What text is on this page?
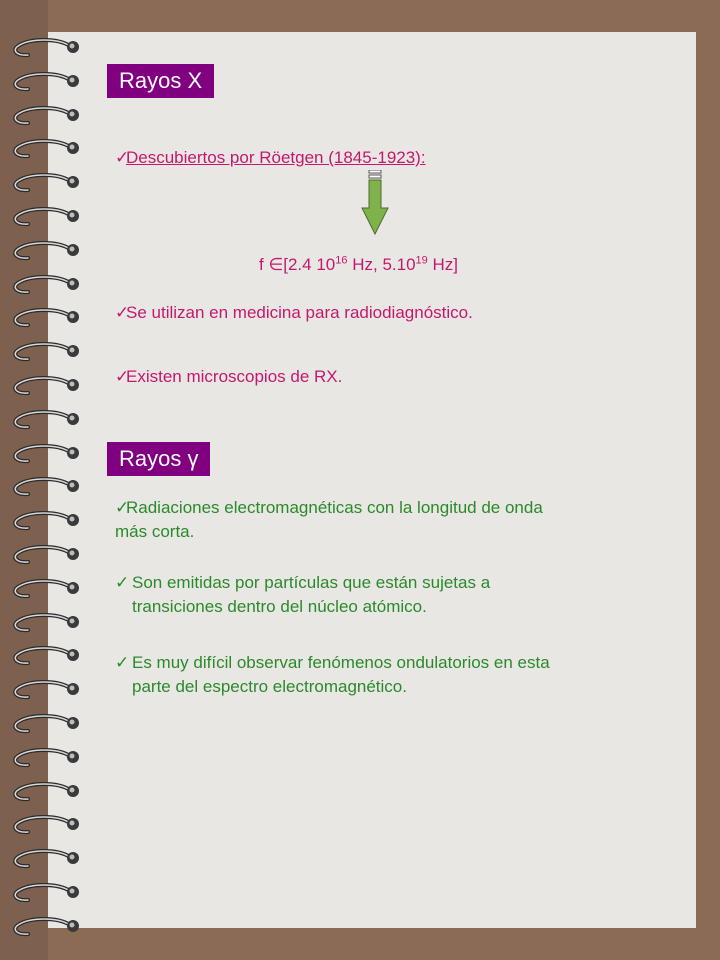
Rayos X
✓
Descubiertos por Röetgen (1845-1923):
f ∈[2.4 $10^{16}$ Hz, 5.10$^{19}$ Hz]
✓
Se utilizan en medicina para radiodiagnóstico.
✓
Existen microscopios de RX.
Rayos γ
✓
Radiaciones electromagnéticas con la longitud de onda
más corta.
✓ Son emitidas por partículas que están sujetas a
transiciones dentro del núcleo atómico.
✓ Es muy difícil observar fenómenos ondulatorios en esta
parte del espectro electromagnético.
